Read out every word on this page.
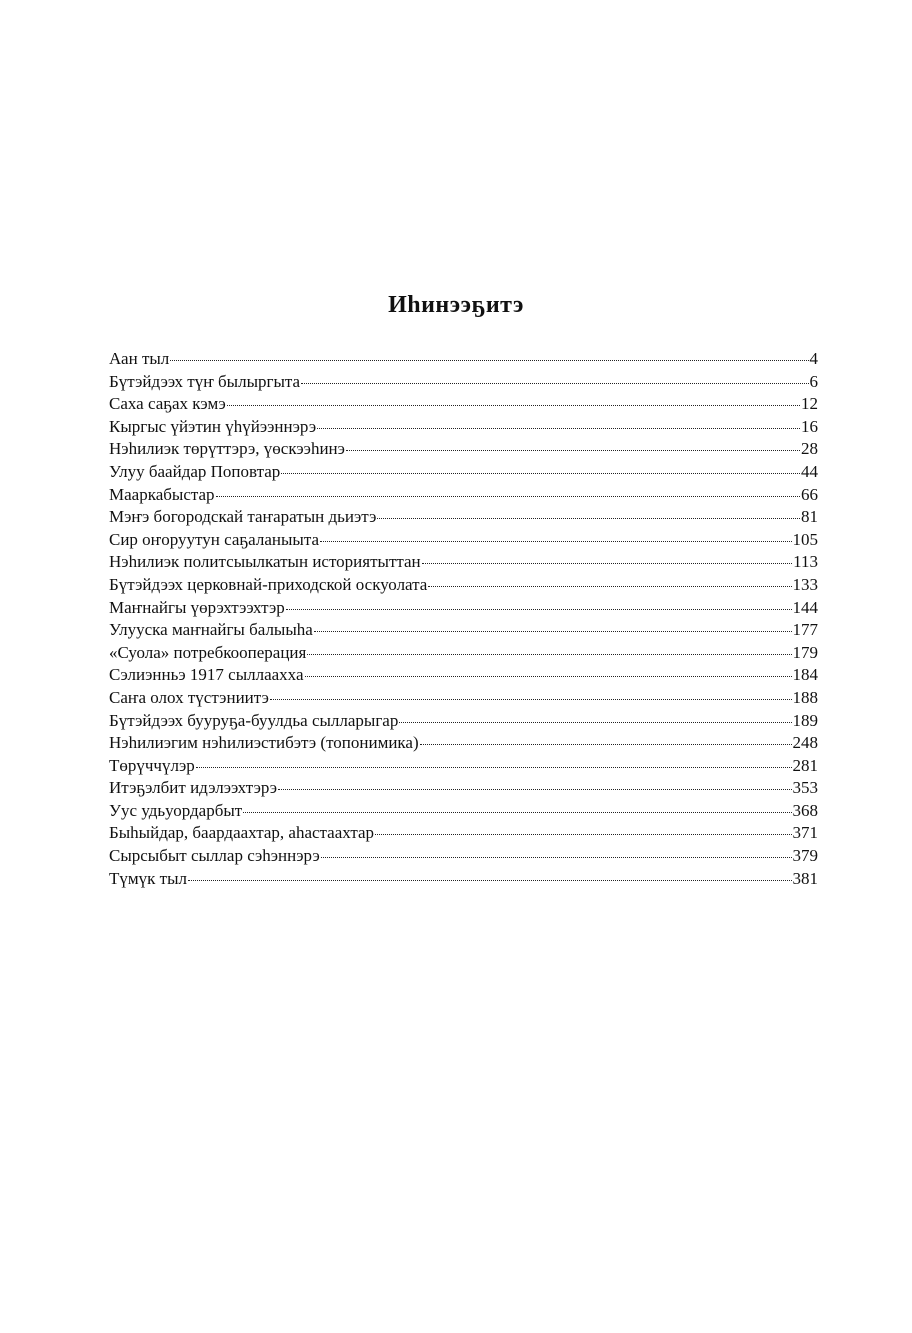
Иhинээҕитэ
Аан тыл	4
Бүтэйдээх түҥ былыргыта	6
Саха саҕах кэмэ	12
Кыргыс үйэтин үhүйээннэрэ	16
Нэhилиэк төрүттэрэ, үөскээhинэ	28
Улуу баайдар Поповтар	44
Мааркабыстар	66
Мэҥэ богородскай таҥаратын дьиэтэ	81
Сир оҥоруутун саҕаланыыта	105
Нэhилиэк политсыылкатын историятыттан	113
Бүтэйдээх церковнай-приходской оскуолата	133
Маҥнайгы үөрэхтээхтэр	144
Улууска маҥнайгы балыыhа	177
«Суола» потребкооперация	179
Сэлиэнньэ 1917 сыллаахха	184
Саҥа олох түстэниитэ	188
Бүтэйдээх бууруҕа-буулдьа сылларыгар	189
Нэhилиэгим нэhилиэстибэтэ (топонимика)	248
Төрүччүлэр	281
Итэҕэлбит идэлээхтэрэ	353
Уус удьуордарбыт	368
Быhыйдар, баардаахтар, аhастаахтар	371
Сырсыбыт сыллар сэhэннэрэ	379
Түмүк тыл	381
